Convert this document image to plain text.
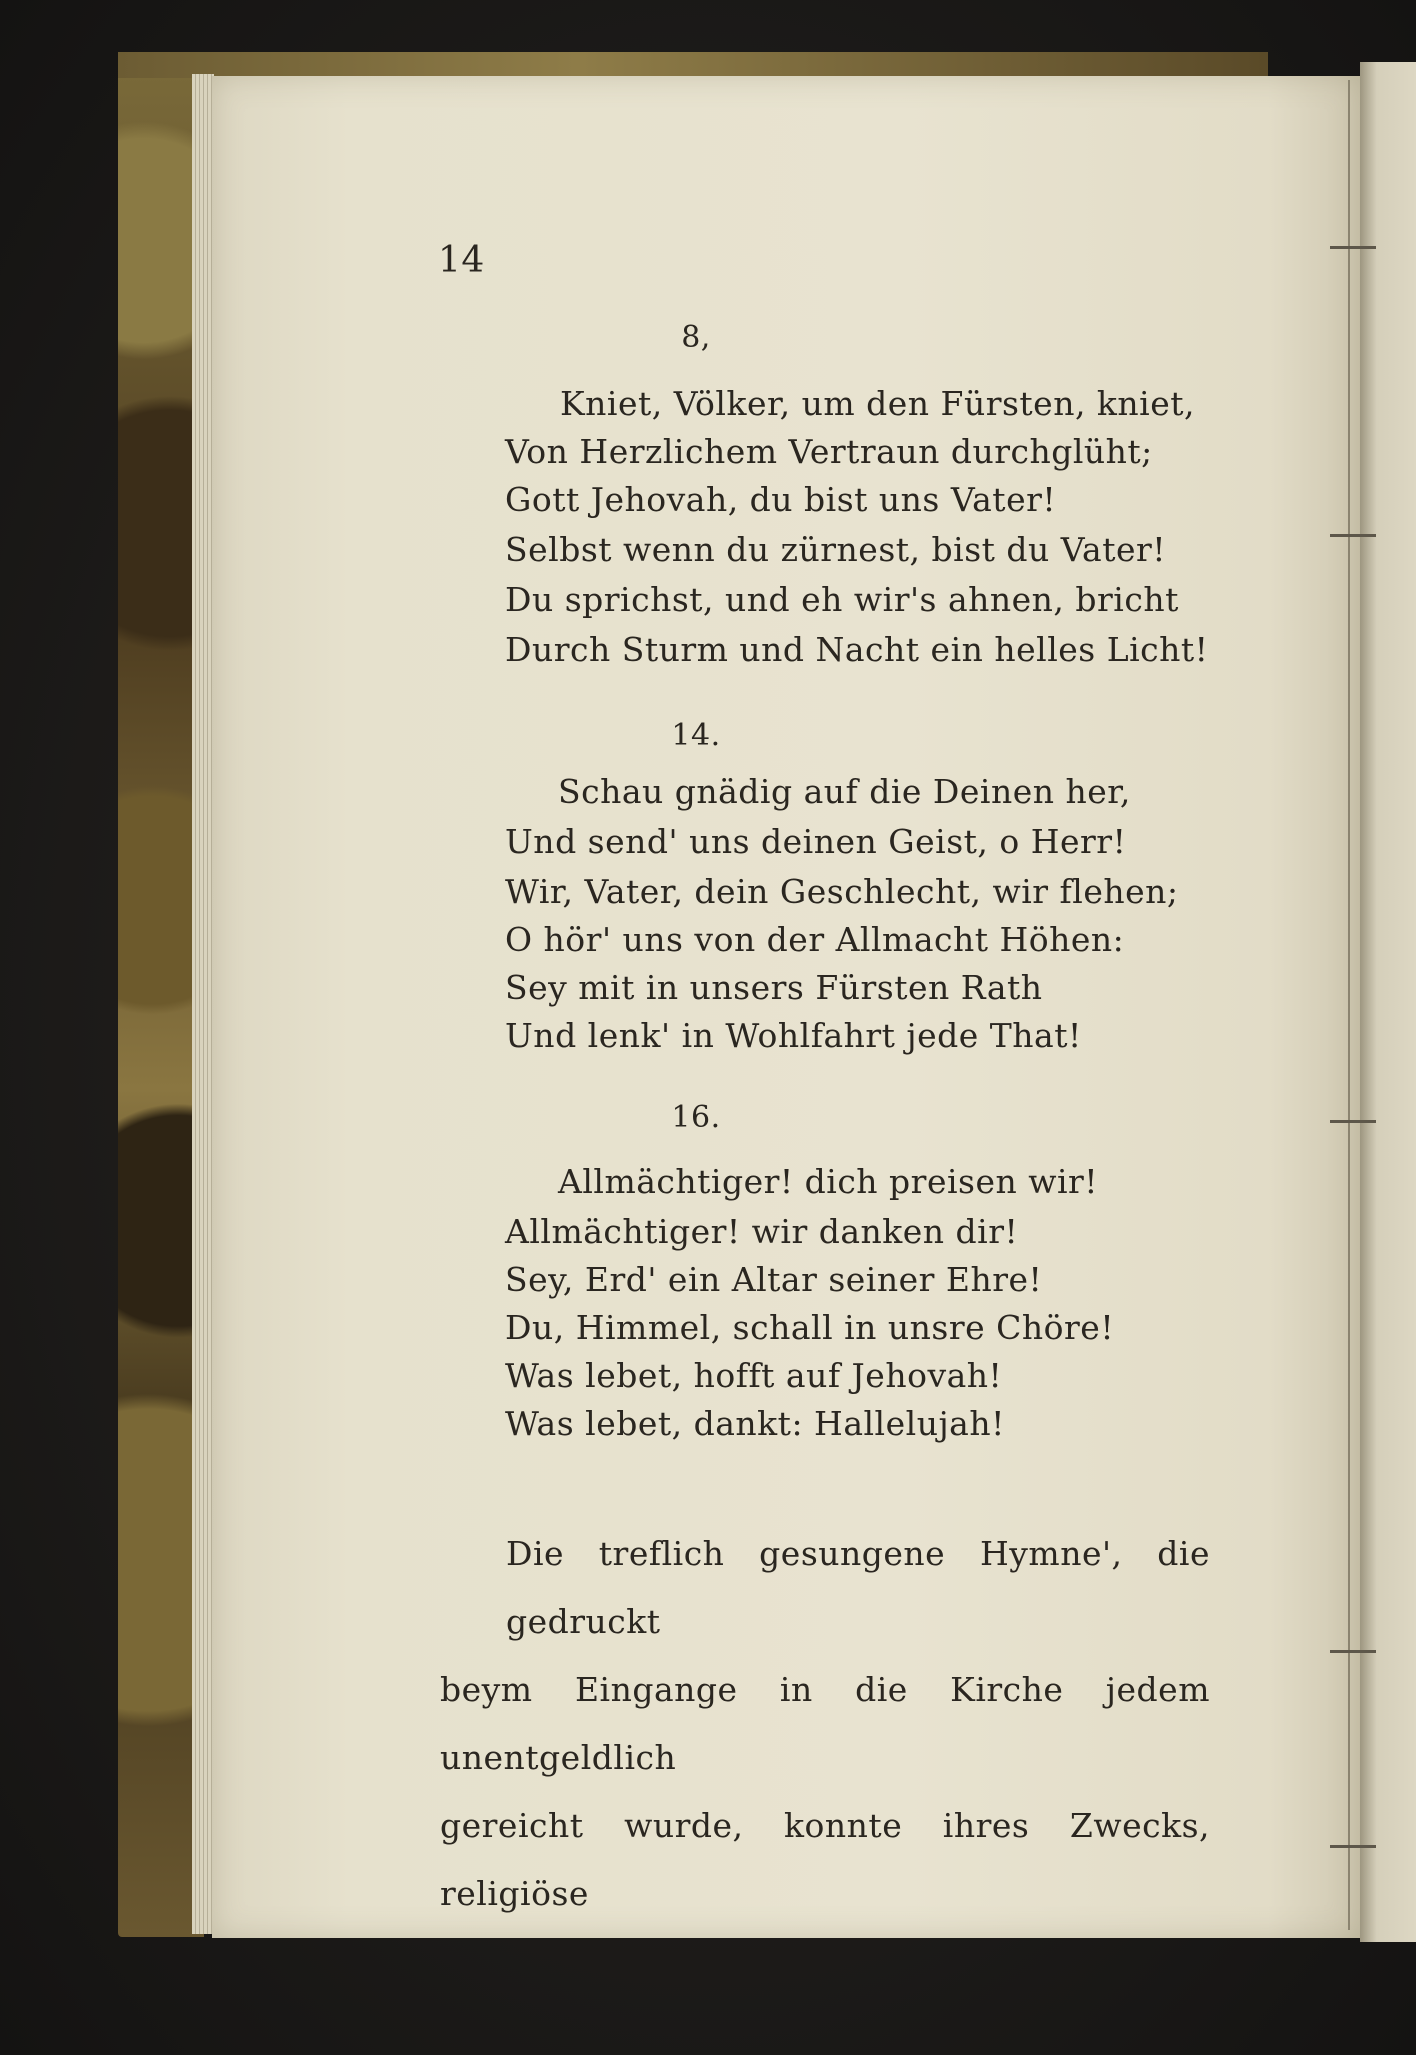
14
8,
Kniet, Völker, um den Fürsten, kniet,
Von Herzlichem Vertraun durchglüht;
Gott Jehovah, du bist uns Vater!
Selbst wenn du zürnest, bist du Vater!
Du sprichst, und eh wir's ahnen, bricht
Durch Sturm und Nacht ein helles Licht!
14.
Schau gnädig auf die Deinen her,
Und send' uns deinen Geist, o Herr!
Wir, Vater, dein Geschlecht, wir flehen;
O hör' uns von der Allmacht Höhen:
Sey mit in unsers Fürsten Rath
Und lenk' in Wohlfahrt jede That!
16.
Allmächtiger! dich preisen wir!
Allmächtiger! wir danken dir!
Sey, Erd' ein Altar seiner Ehre!
Du, Himmel, schall in unsre Chöre!
Was lebet, hofft auf Jehovah!
Was lebet, dankt: Hallelujah!
Die treflich gesungene Hymne', die gedruckt
beym Eingange in die Kirche jedem unentgeldlich
gereicht wurde, konnte ihres Zwecks, religiöse
